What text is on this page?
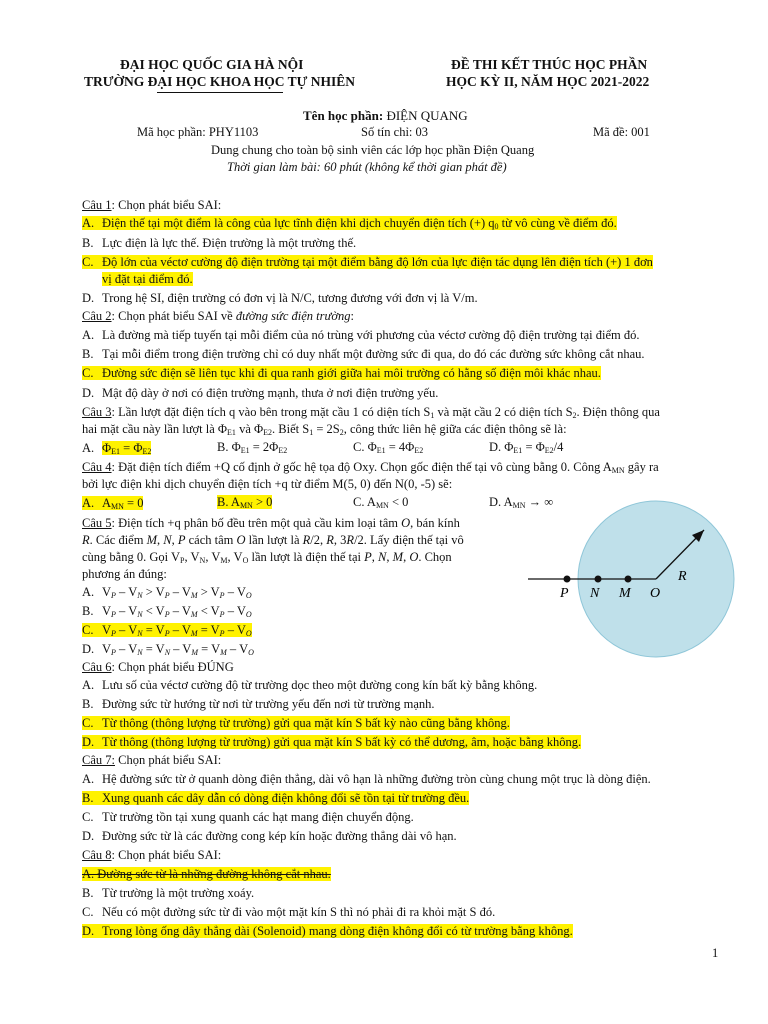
ĐẠI HỌC QUỐC GIA HÀ NỘI
TRƯỜNG ĐẠI HỌC KHOA HỌC TỰ NHIÊN
ĐỀ THI KẾT THÚC HỌC PHẦN
HỌC KỲ II, NĂM HỌC 2021-2022
Tên học phần: ĐIỆN QUANG
Mã học phần: PHY1103	Số tín chỉ: 03	Mã đề: 001
Dung chung cho toàn bộ sinh viên các lớp học phần Điện Quang
Thời gian làm bài: 60 phút (không kể thời gian phát đề)
Câu 1: Chọn phát biểu SAI:
A. Điện thế tại một điểm là công của lực tĩnh điện khi dịch chuyển điện tích (+) $q_0$ từ vô cùng về điểm đó.
B. Lực điện là lực thế. Điện trường là một trường thế.
C. Độ lớn của véctơ cường độ điện trường tại một điểm bằng độ lớn của lực điện tác dụng lên điện tích (+) 1 đơn
vị đặt tại điểm đó.
D. Trong hệ SI, điện trường có đơn vị là N/C, tương đương với đơn vị là V/m.
Câu 2: Chọn phát biểu SAI về đường sức điện trường:
A. Là đường mà tiếp tuyến tại mỗi điểm của nó trùng với phương của véctơ cường độ điện trường tại điểm đó.
B. Tại mỗi điểm trong điện trường chỉ có duy nhất một đường sức đi qua, do đó các đường sức không cắt nhau.
C. Đường sức điện sẽ liên tục khi đi qua ranh giới giữa hai môi trường có hằng số điện môi khác nhau.
D. Mật độ dày ở nơi có điện trường mạnh, thưa ở nơi điện trường yếu.
Câu 3: Lần lượt đặt điện tích q vào bên trong mặt cầu 1 có diện tích $S_1$ và mặt cầu 2 có diện tích $S_2$. Điện thông qua
hai mặt cầu này lần lượt là $\Phi_{E1}$ và $\Phi_{E2}$. Biết $S_1 = 2S_2$, công thức liên hệ giữa các điện thông sẽ là:
A. $\Phi_{E1} = \Phi_{E2}$	B. $\Phi_{E1} = 2\Phi_{E2}$	C. $\Phi_{E1} = 4\Phi_{E2}$	D. $\Phi_{E1} = \Phi_{E2}/4$
Câu 4: Đặt điện tích điểm +Q cố định ở gốc hệ tọa độ Oxy. Chọn gốc điện thế tại vô cùng bằng 0. Công $A_{MN}$ gây ra
bởi lực điện khi dịch chuyển điện tích +q từ điểm M(5, 0) đến N(0, -5) sẽ:
A. $A_{MN} = 0$	B. $A_{MN} > 0$	C. $A_{MN} < 0$	D. $A_{MN}$ → ∞
Câu 5: Điện tích +q phân bố đều trên một quả cầu kim loại tâm O, bán kính
R. Các điểm M, N, P cách tâm O lần lượt là R/2, R, 3R/2. Lấy điện thế tại vô
cùng bằng 0. Gọi $V_P$, $V_N$, $V_M$, $V_O$ lần lượt là điện thế tại P, N, M, O. Chọn
phương án đúng:
A. $V_P - V_N > V_P - V_M > V_P - V_O$
B. $V_P - V_N < V_P - V_M < V_P - V_O$
C. $V_P - V_N = V_P - V_M = V_P - V_O$
D. $V_P - V_N = V_N - V_M = V_M - V_O$
P N M O
R
Câu 6: Chọn phát biểu ĐÚNG
A. Lưu số của véctơ cường độ từ trường dọc theo một đường cong kín bất kỳ bằng không.
B. Đường sức từ hướng từ nơi từ trường yếu đến nơi từ trường mạnh.
C. Từ thông (thông lượng từ trường) gửi qua mặt kín S bất kỳ nào cũng bằng không.
D. Từ thông (thông lượng từ trường) gửi qua mặt kín S bất kỳ có thể dương, âm, hoặc bằng không.
Câu 7: Chọn phát biểu SAI:
A. Hệ đường sức từ ở quanh dòng điện thẳng, dài vô hạn là những đường tròn cùng chung một trục là dòng điện.
B. Xung quanh các dây dẫn có dòng điện không đổi sẽ tồn tại từ trường đều.
C. Từ trường tồn tại xung quanh các hạt mang điện chuyển động.
D. Đường sức từ là các đường cong kép kín hoặc đường thẳng dài vô hạn.
Câu 8: Chọn phát biểu SAI:
A. Đường sức từ là những đường không cắt nhau.
B. Từ trường là một trường xoáy.
C. Nếu có một đường sức từ đi vào một mặt kín S thì nó phải đi ra khỏi mặt S đó.
D. Trong lòng ống dây thẳng dài (Solenoid) mang dòng điện không đổi có từ trường bằng không.
1
